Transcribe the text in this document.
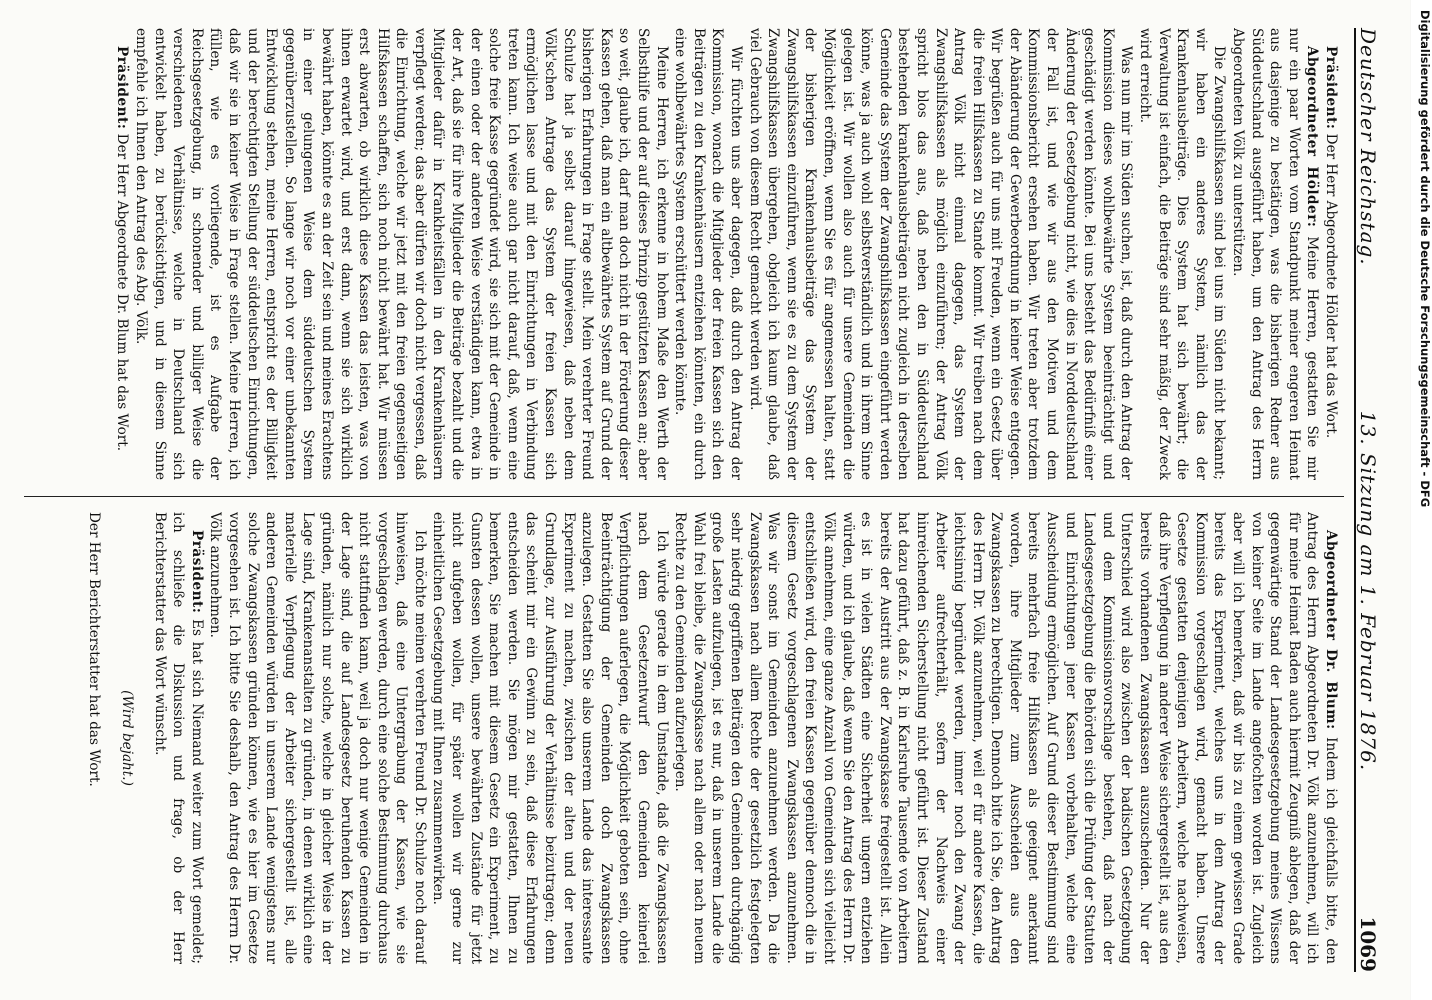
Deutscher Reichstag.
13. Sitzung am 1. Februar 1876.
1069

Präsident: Der Herr Abgeordnete Hölder hat das Wort.

Abgeordneter Hölder: Meine Herren, gestatten Sie mir nur ein paar Worten vom Standpunkt meiner engeren Heimat aus dasjenige zu bestätigen, was die bisherigen Redner aus Süddeutschland ausgeführt haben, um den Antrag des Herrn Abgeordneten Völk zu unterstützen.

Die Zwangshilfskassen sind bei uns im Süden nicht bekannt; wir haben ein anderes System, nämlich das der Krankenhausbeiträge. Dies System hat sich bewährt; die Verwaltung ist einfach, die Beiträge sind sehr mäßig, der Zweck wird erreicht.

Was nun mir im Süden suchen, ist, daß durch den Antrag der Kommission dieses wohlbewährte System beeinträchtigt und geschädigt werden könnte. Bei uns besteht das Bedürfniß einer Änderung der Gesetzgebung nicht, wie dies in Norddeutschland der Fall ist, und wie wir aus den Motiven und dem Kommissionsbericht ersehen haben. Wir treten aber trotzdem der Abänderung der Gewerbeordnung in keiner Weise entgegen. Wir begrüßen auch für uns mit Freuden, wenn ein Gesetz über die freien Hilfskassen zu Stande kommt. Wir treiben nach dem Antrag Völk nicht einmal dagegen, das System der Zwangshilfskassen als möglich einzuführen; der Antrag Völk spricht blos das aus, daß neben den in Süddeutschland bestehenden krankenhausbeiträgen nicht zugleich in derselben Gemeinde das System der Zwangshilfskassen eingeführt werden könne, was ja auch wohl selbstverständlich und in ihrem Sinne gelegen ist. Wir wollen also auch für unsere Gemeinden die Möglichkeit eröffnen, wenn Sie es für angemessen halten, statt der bisherigen Krankenhausbeiträge das System der Zwangshilfskassen einzuführen, wenn sie es zu dem System der Zwangshilfskassen übergehen, obgleich ich kaum glaube, daß viel Gebrauch von diesem Recht gemacht werden wird.

Wir fürchten uns aber dagegen, daß durch den Antrag der Kommission, wonach die Mitglieder der freien Kassen sich den Beiträgen zu den Krankenhäusern entziehen könnten, ein durch eine wohlbewährtes System erschüttert werden könnte.

Meine Herren, ich erkenne in hohem Maße den Werth der Selbsthilfe und der auf dieses Prinzip gestützten Kassen an; aber so weit, glaube ich, darf man doch nicht in der Förderung dieser Kassen gehen, daß man ein altbewährtes System auf Grund der bisherigen Erfahrungen in Frage stellt. Mein verehrter Freund Schulze hat ja selbst darauf hingewiesen, daß neben dem Völk'schen Antrage das System der freien Kassen sich ermöglichen lasse und mit den Einrichtungen in Verbindung treten kann. Ich weise auch gar nicht darauf, daß, wenn eine solche freie Kasse gegründet wird, sie sich mit der Gemeinde in der einen oder der anderen Weise verständigen kann, etwa in der Art, daß sie für ihre Mitglieder die Beiträge bezahlt und die Mitglieder dafür in Krankheitsfällen in den Krankenhäusern verpflegt werden; das aber dürfen wir doch nicht vergessen, daß die Einrichtung, welche wir jetzt mit den freien gegenseitigen Hilfskassen schaffen, sich noch nicht bewährt hat. Wir müssen erst abwarten, ob wirklich diese Kassen das leisten, was von ihnen erwartet wird, und erst dann, wenn sie sich wirklich bewährt haben, könnte es an der Zeit sein und meines Erachtens in einer gelungenen Weise dem süddeutschen System gegenüberzustellen. So lange wir noch vor einer unbekannten Entwicklung stehen, meine Herren, entspricht es der Billigkeit und der berechtigten Stellung der süddeutschen Einrichtungen, daß wir sie in keiner Weise in Frage stellen. Meine Herren, ich füllen, wie es vorliegende, ist es Aufgabe der Reichsgesetzgebung, in schonender und billiger Weise die verschiedenen Verhältnisse, welche in Deutschland sich entwickelt haben, zu berücksichtigen, und in diesem Sinne empfehle ich Ihnen den Antrag des Abg. Völk.

Präsident: Der Herr Abgeordnete Dr. Blum hat das Wort.

Abgeordneter Dr. Blum: Indem ich gleichfalls bitte, den Antrag des Herrn Abgeordneten Dr. Völk anzunehmen, will ich für meine Heimat Baden auch hiermit Zeugniß ablegen, daß der gegenwärtige Stand der Landesgesetzgebung meines Wissens von keiner Seite im Lande angefochten worden ist. Zugleich aber will ich bemerken, daß wir bis zu einem gewissen Grade bereits das Experiment, welches uns in dem Antrag der Kommission vorgeschlagen wird, gemacht haben. Unsere Gesetze gestatten denjenigen Arbeitern, welche nachweisen, daß ihre Verpflegung in anderer Weise sichergestellt ist, aus den bereits vorhandenen Zwangskassen auszuscheiden. Nur der Unterschied wird also zwischen der badischen Gesetzgebung und dem Kommissionsvorschlage bestehen, daß nach der Landesgesetzgebung die Behörden sich die Prüfung der Statuten und Einrichtungen jener Kassen vorbehalten, welche eine Ausscheidung ermöglichen. Auf Grund dieser Bestimmung sind bereits mehrfach freie Hilfskassen als geeignet anerkannt worden, ihre Mitglieder zum Ausscheiden aus den Zwangskassen zu berechtigen. Dennoch bitte ich Sie, den Antrag des Herrn Dr. Völk anzunehmen, weil er für andere Kassen, die leichtsinnig begründet werden, immer noch den Zwang der Arbeiter aufrechterhält, sofern der Nachweis einer hinreichenden Sicherstellung nicht geführt ist. Dieser Zustand hat dazu geführt, daß z. B. in Karlsruhe Tausende von Arbeitern bereits der Austritt aus der Zwangskasse freigestellt ist. Allein es ist in vielen Städten eine Sicherheit ungern entziehen würden, und ich glaube, daß wenn Sie den Antrag des Herrn Dr. Völk annehmen, eine ganze Anzahl von Gemeinden sich vielleicht entschließen wird, den freien Kassen gegenüber dennoch die in diesem Gesetz vorgeschlagenen Zwangskassen anzunehmen. Was wir sonst im Gemeinden anzunehmen werden. Da die Zwangskassen nach allem Rechte der gesetzlich festgelegten sehr niedrig gegriffenen Beiträgen den Gemeinden durchgängig große Lasten aufzulegen, ist es nur, daß in unserem Lande die Wahl frei bleibe, die Zwangskasse nach allem oder nach neuem Rechte zu den Gemeinden aufzuerlegen.

Ich würde gerade in dem Umstande, daß die Zwangskassen nach dem Gesetzentwurf den Gemeinden keinerlei Verpflichtungen auferlegen, die Möglichkeit geboten sein, ohne Beeinträchtigung der Gemeinden doch Zwangskassen anzulegen. Gestatten Sie also unserem Lande das interessante Experiment zu machen, zwischen der alten und der neuen Grundlage, zur Ausführung der Verhältnisse beizutragen; denn das scheint mir ein Gewinn zu sein, daß diese Erfahrungen entscheiden werden. Sie mögen mir gestatten, Ihnen zu bemerken, Sie machen mit diesem Gesetz ein Experiment, zu Gunsten dessen wollen, unsere bewährten Zustände für jetzt nicht aufgeben wollen, für später wollen wir gerne zur einheitlichen Gesetzgebung mit Ihnen zusammenwirken.

Ich möchte meinen verehrten Freund Dr. Schulze noch darauf hinweisen, daß eine Untergrabung der Kassen, wie sie vorgeschlagen werden, durch eine solche Bestimmung durchaus nicht stattfinden kann, weil ja doch nur wenige Gemeinden in der Lage sind, die auf Landesgesetz beruhenden Kassen zu gründen, nämlich nur solche, welche in gleicher Weise in der Lage sind, Krankenanstalten zu gründen, in denen wirklich eine materielle Verpflegung der Arbeiter sichergestellt ist, alle anderen Gemeinden würden in unserem Lande wenigstens nur solche Zwangskassen gründen können, wie es hier im Gesetze vorgesehen ist. Ich bitte Sie deshalb, den Antrag des Herrn Dr. Völk anzunehmen.

Präsident: Es hat sich Niemand weiter zum Wort gemeldet; ich schließe die Diskussion und frage, ob der Herr Berichterstatter das Wort wünscht.

(Wird bejaht.)

Der Herr Berichterstatter hat das Wort.

Digitalisierung gefördert durch die Deutsche Forschungsgemeinschaft - DFG
